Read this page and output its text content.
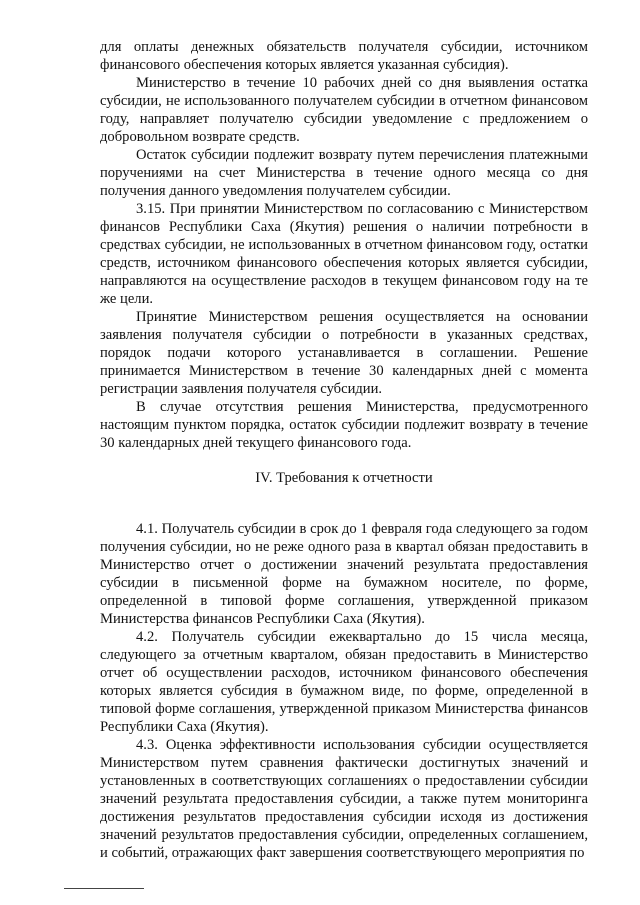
для оплаты денежных обязательств получателя субсидии, источником финансового обеспечения которых является указанная субсидия).

Министерство в течение 10 рабочих дней со дня выявления остатка субсидии, не использованного получателем субсидии в отчетном финансовом году, направляет получателю субсидии уведомление с предложением о добровольном возврате средств.

Остаток субсидии подлежит возврату путем перечисления платежными поручениями на счет Министерства в течение одного месяца со дня получения данного уведомления получателем субсидии.

3.15. При принятии Министерством по согласованию с Министерством финансов Республики Саха (Якутия) решения о наличии потребности в средствах субсидии, не использованных в отчетном финансовом году, остатки средств, источником финансового обеспечения которых является субсидии, направляются на осуществление расходов в текущем финансовом году на те же цели.

Принятие Министерством решения осуществляется на основании заявления получателя субсидии о потребности в указанных средствах, порядок подачи которого устанавливается в соглашении. Решение принимается Министерством в течение 30 календарных дней с момента регистрации заявления получателя субсидии.

В случае отсутствия решения Министерства, предусмотренного настоящим пунктом порядка, остаток субсидии подлежит возврату в течение 30 календарных дней текущего финансового года.

IV. Требования к отчетности

4.1. Получатель субсидии в срок до 1 февраля года следующего за годом получения субсидии, но не реже одного раза в квартал обязан предоставить в Министерство отчет о достижении значений результата предоставления субсидии в письменной форме на бумажном носителе, по форме, определенной в типовой форме соглашения, утвержденной приказом Министерства финансов Республики Саха (Якутия).

4.2. Получатель субсидии ежеквартально до 15 числа месяца, следующего за отчетным кварталом, обязан предоставить в Министерство отчет об осуществлении расходов, источником финансового обеспечения которых является субсидия в бумажном виде, по форме, определенной в типовой форме соглашения, утвержденной приказом Министерства финансов Республики Саха (Якутия).

4.3. Оценка эффективности использования субсидии осуществляется Министерством путем сравнения фактически достигнутых значений и установленных в соответствующих соглашениях о предоставлении субсидии значений результата предоставления субсидии, а также путем мониторинга достижения результатов предоставления субсидии исходя из достижения значений результатов предоставления субсидии, определенных соглашением, и событий, отражающих факт завершения соответствующего мероприятия по
